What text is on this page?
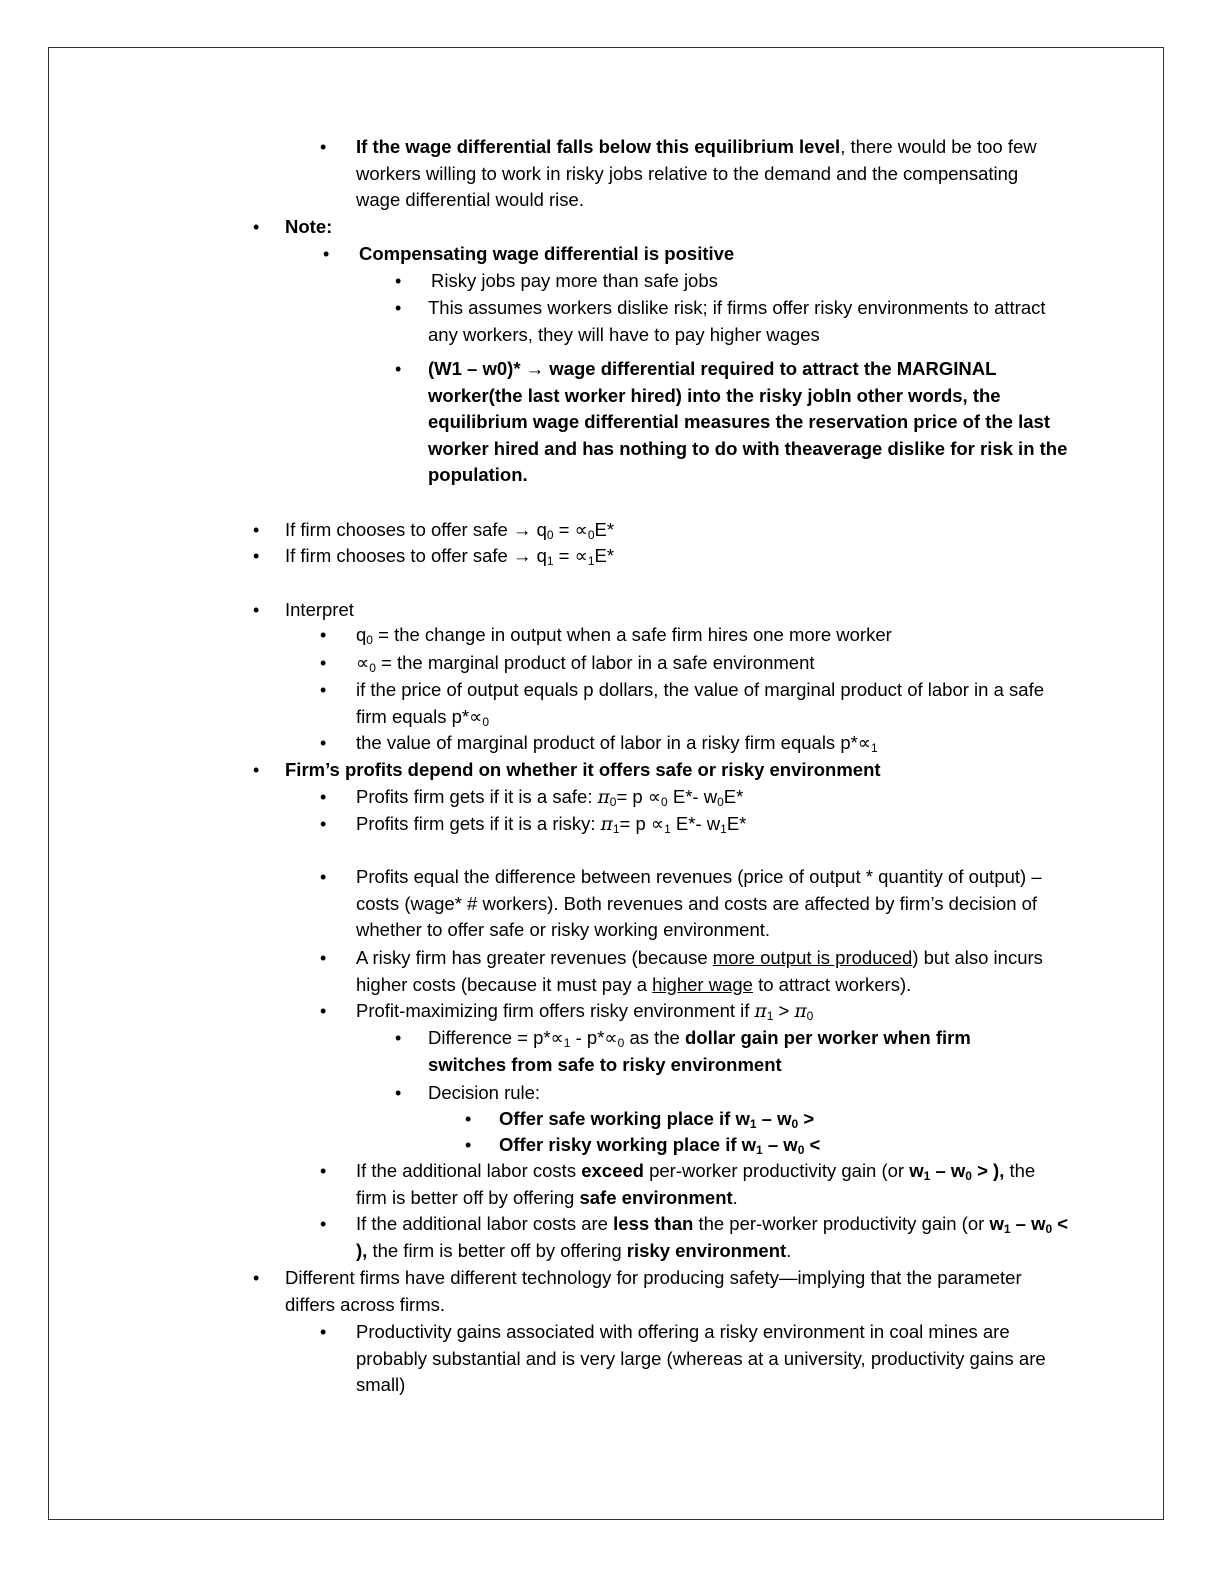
• If the wage differential falls below this equilibrium level, there would be too few workers willing to work in risky jobs relative to the demand and the compensating wage differential would rise.
• Note:
• Compensating wage differential is positive
• Risky jobs pay more than safe jobs
• This assumes workers dislike risk; if firms offer risky environments to attract any workers, they will have to pay higher wages
• (W1 – w0)* → wage differential required to attract the MARGINAL worker(the last worker hired) into the risky jobIn other words, the equilibrium wage differential measures the reservation price of the last worker hired and has nothing to do with theaverage dislike for risk in the population.
• If firm chooses to offer safe → $q_0 = \propto_0E*$
• If firm chooses to offer safe → $q_1 = \propto_1E*$
• Interpret
• $q_0$ = the change in output when a safe firm hires one more worker
• $\propto_0$ = the marginal product of labor in a safe environment
• if the price of output equals p dollars, the value of marginal product of labor in a safe firm equals $p*\propto_0$
• the value of marginal product of labor in a risky firm equals $p*\propto_1$
• Firm’s profits depend on whether it offers safe or risky environment
• Profits firm gets if it is a safe: $\pi_0= p \propto_0$ E*- $w_0E*$
• Profits firm gets if it is a risky: $\pi_1= p \propto_1$ E*- $w_1E*$
• Profits equal the difference between revenues (price of output * quantity of output) – costs (wage* # workers). Both revenues and costs are affected by firm’s decision of whether to offer safe or risky working environment.
• A risky firm has greater revenues (because more output is produced) but also incurs higher costs (because it must pay a higher wage to attract workers).
• Profit-maximizing firm offers risky environment if $\pi_1 > \pi_0$
• Difference = $p*\propto_1 - p*\propto_0$ as the dollar gain per worker when firm switches from safe to risky environment
• Decision rule:
• Offer safe working place if $w_1 - w_0$ >
• Offer risky working place if $w_1 - w_0$ <
• If the additional labor costs exceed per-worker productivity gain (or $w_1 - w_0$ > ), the firm is better off by offering safe environment.
• If the additional labor costs are less than the per-worker productivity gain (or $w_1 - w_0$ < ), the firm is better off by offering risky environment.
• Different firms have different technology for producing safety—implying that the parameter differs across firms.
• Productivity gains associated with offering a risky environment in coal mines are probably substantial and is very large (whereas at a university, productivity gains are small)
